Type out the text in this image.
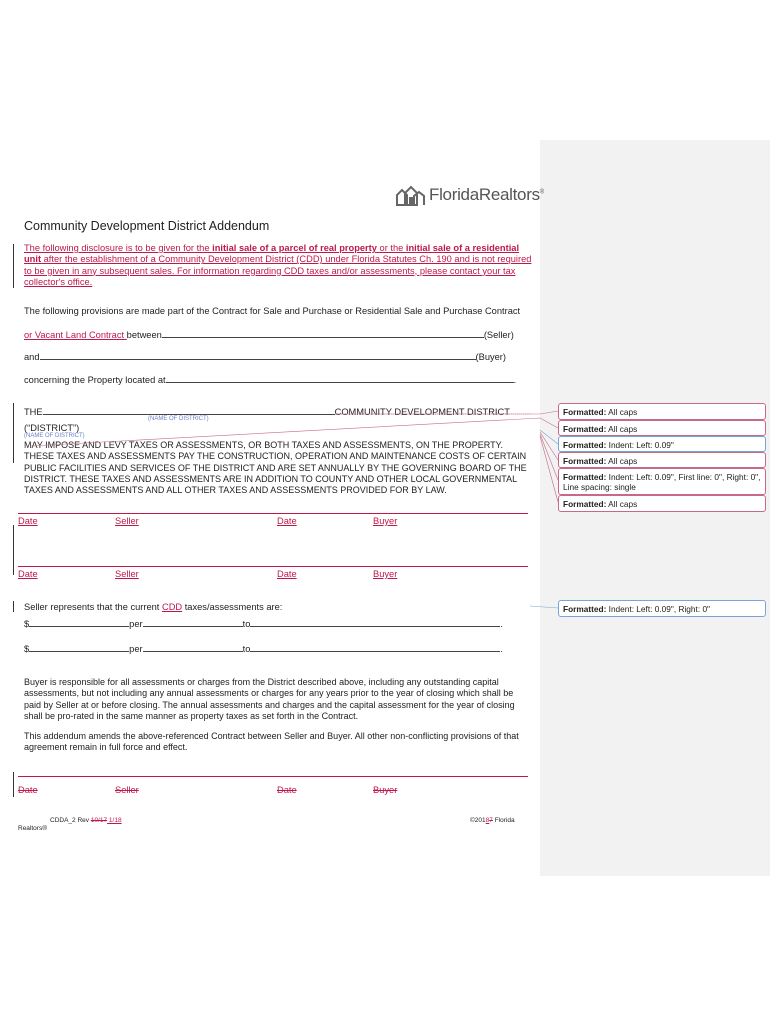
FloridaRealtors®
Community Development District Addendum
The following disclosure is to be given for the initial sale of a parcel of real property or the initial sale of a residential unit after the establishment of a Community Development District (CDD) under Florida Statutes Ch. 190 and is not required to be given in any subsequent sales. For information regarding CDD taxes and/or assessments, please contact your tax collector's office.
The following provisions are made part of the Contract for Sale and Purchase or Residential Sale and Purchase Contract
or Vacant Land Contract between	(Seller)
and	(Buyer)
concerning the Property located at	.
THE	COMMUNITY DEVELOPMENT DISTRICT
(NAME OF DISTRICT)
(“DISTRICT”)
(NAME OF DISTRICT)
MAY IMPOSE AND LEVY TAXES OR ASSESSMENTS, OR BOTH TAXES AND ASSESSMENTS, ON THE PROPERTY. THESE TAXES AND ASSESSMENTS PAY THE CONSTRUCTION, OPERATION AND MAINTENANCE COSTS OF CERTAIN PUBLIC FACILITIES AND SERVICES OF THE DISTRICT AND ARE SET ANNUALLY BY THE GOVERNING BOARD OF THE DISTRICT. THESE TAXES AND ASSESSMENTS ARE IN ADDITION TO COUNTY AND OTHER LOCAL GOVERNMENTAL TAXES AND ASSESSMENTS AND ALL OTHER TAXES AND ASSESSMENTS PROVIDED FOR BY LAW.
Date	Seller	Date	Buyer
Date	Seller	Date	Buyer
Seller represents that the current CDD taxes/assessments are:
$	per	to	.
$	per	to	.
Buyer is responsible for all assessments or charges from the District described above, including any outstanding capital assessments, but not including any annual assessments or charges for any years prior to the year of closing which shall be paid by Seller at or before closing. The annual assessments and charges and the capital assessment for the year of closing shall be pro-rated in the same manner as property taxes as set forth in the Contract.
This addendum amends the above-referenced Contract between Seller and Buyer. All other non-conflicting provisions of that agreement remain in full force and effect.
Date	Seller	Date	Buyer
CDDA_2 Rev 10/17 1/18	©20187 Florida
Realtors®
Formatted: All caps
Formatted: All caps
Formatted: Indent: Left: 0.09"
Formatted: All caps
Formatted: Indent: Left: 0.09", First line: 0", Right: 0", Line spacing: single
Formatted: All caps
Formatted: Indent: Left: 0.09", Right: 0"
